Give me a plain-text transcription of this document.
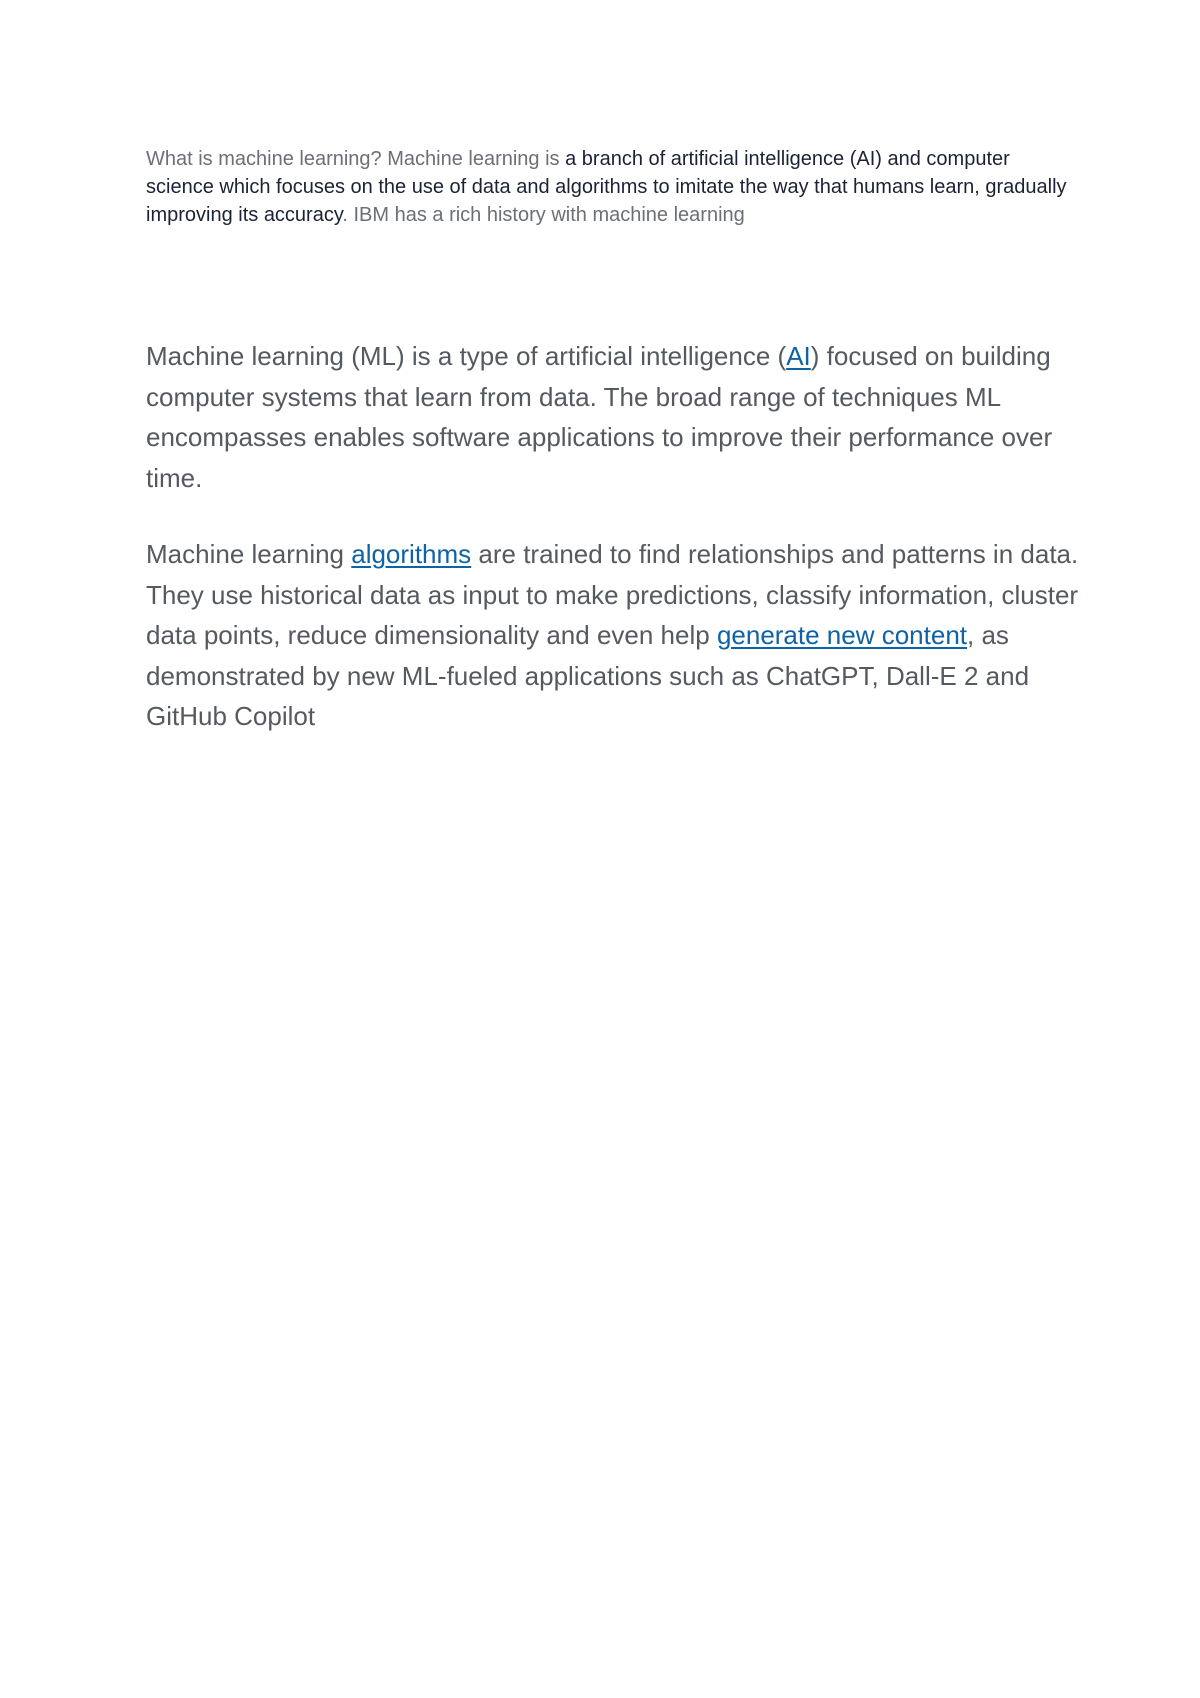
What is machine learning? Machine learning is a branch of artificial intelligence (AI) and computer science which focuses on the use of data and algorithms to imitate the way that humans learn, gradually improving its accuracy. IBM has a rich history with machine learning

Machine learning (ML) is a type of artificial intelligence (AI) focused on building computer systems that learn from data. The broad range of techniques ML encompasses enables software applications to improve their performance over time.

Machine learning algorithms are trained to find relationships and patterns in data. They use historical data as input to make predictions, classify information, cluster data points, reduce dimensionality and even help generate new content, as demonstrated by new ML-fueled applications such as ChatGPT, Dall-E 2 and GitHub Copilot
